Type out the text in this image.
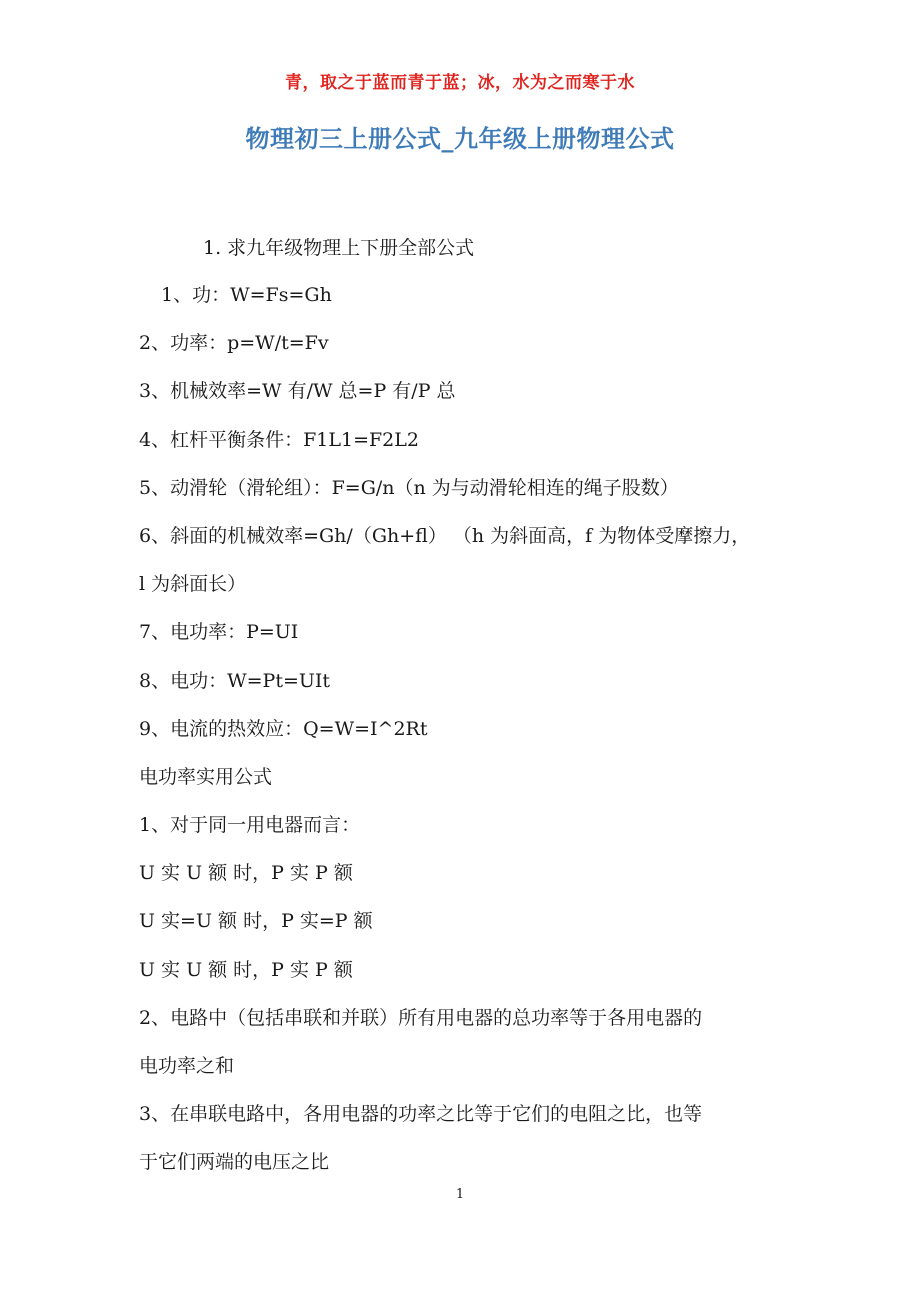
青，取之于蓝而青于蓝；冰，水为之而寒于水
物理初三上册公式_九年级上册物理公式
1. 求九年级物理上下册全部公式
1、功：W=Fs=Gh
2、功率：p=W/t=Fv
3、机械效率=W 有/W 总=P 有/P 总
4、杠杆平衡条件：F1L1=F2L2
5、动滑轮（滑轮组）：F=G/n（n 为与动滑轮相连的绳子股数）
6、斜面的机械效率=Gh/（Gh+fl） （h 为斜面高，f 为物体受摩擦力，
l 为斜面长）
7、电功率：P=UI
8、电功：W=Pt=UIt
9、电流的热效应：Q=W=I^2Rt
电功率实用公式
1、对于同一用电器而言：
U 实 U 额 时，P 实 P 额
U 实=U 额 时，P 实=P 额
U 实 U 额 时，P 实 P 额
2、电路中（包括串联和并联）所有用电器的总功率等于各用电器的
电功率之和
3、在串联电路中，各用电器的功率之比等于它们的电阻之比，也等
于它们两端的电压之比
1
